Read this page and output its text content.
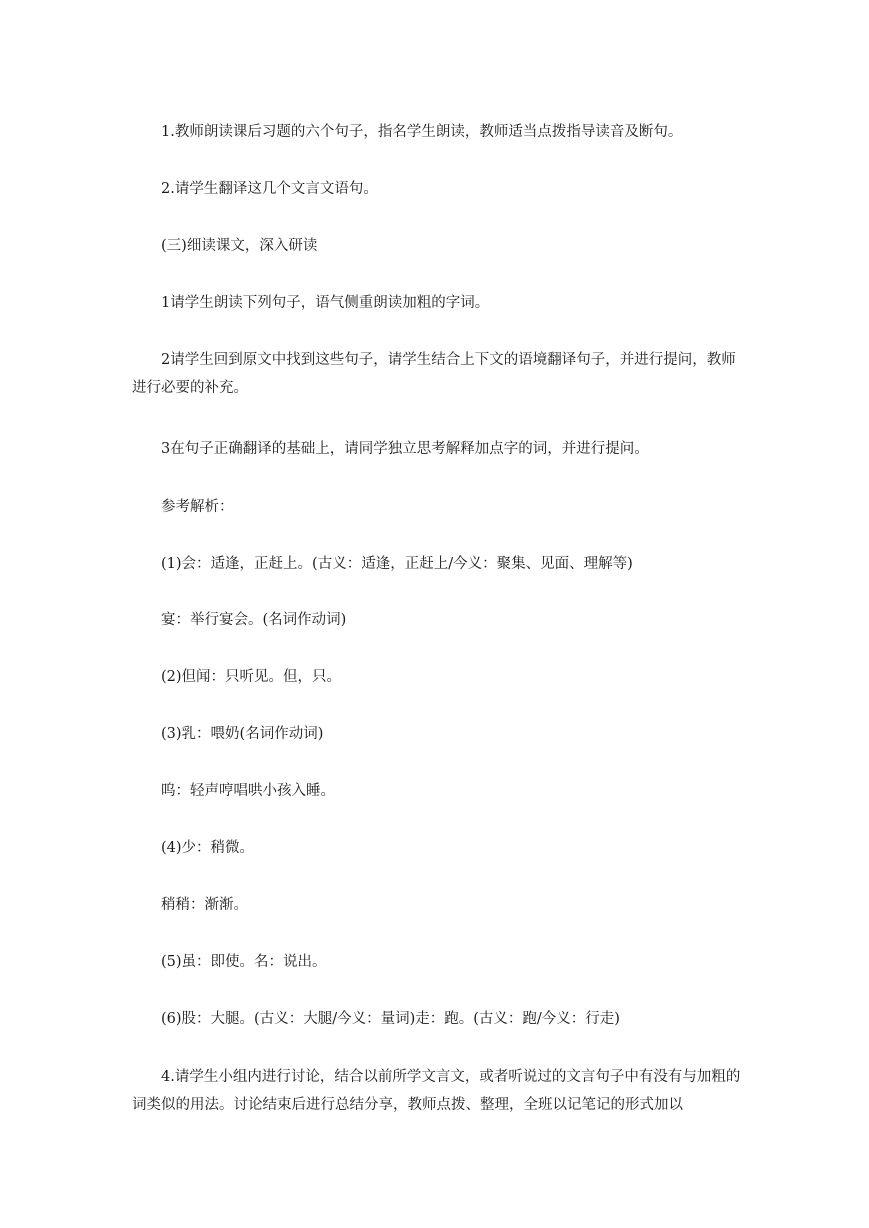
1.教师朗读课后习题的六个句子，指名学生朗读，教师适当点拨指导读音及断句。

2.请学生翻译这几个文言文语句。

(三)细读课文，深入研读

1请学生朗读下列句子，语气侧重朗读加粗的字词。

2请学生回到原文中找到这些句子，请学生结合上下文的语境翻译句子，并进行提问，教师进行必要的补充。

3在句子正确翻译的基础上，请同学独立思考解释加点字的词，并进行提问。

参考解析：

(1)会：适逢，正赶上。(古义：适逢，正赶上/今义：聚集、见面、理解等)

宴：举行宴会。(名词作动词)

(2)但闻：只听见。但，只。

(3)乳：喂奶(名词作动词)

呜：轻声哼唱哄小孩入睡。

(4)少：稍微。

稍稍：渐渐。

(5)虽：即使。名：说出。

(6)股：大腿。(古义：大腿/今义：量词)走：跑。(古义：跑/今义：行走)

4.请学生小组内进行讨论，结合以前所学文言文，或者听说过的文言句子中有没有与加粗的词类似的用法。讨论结束后进行总结分享，教师点拨、整理，全班以记笔记的形式加以
